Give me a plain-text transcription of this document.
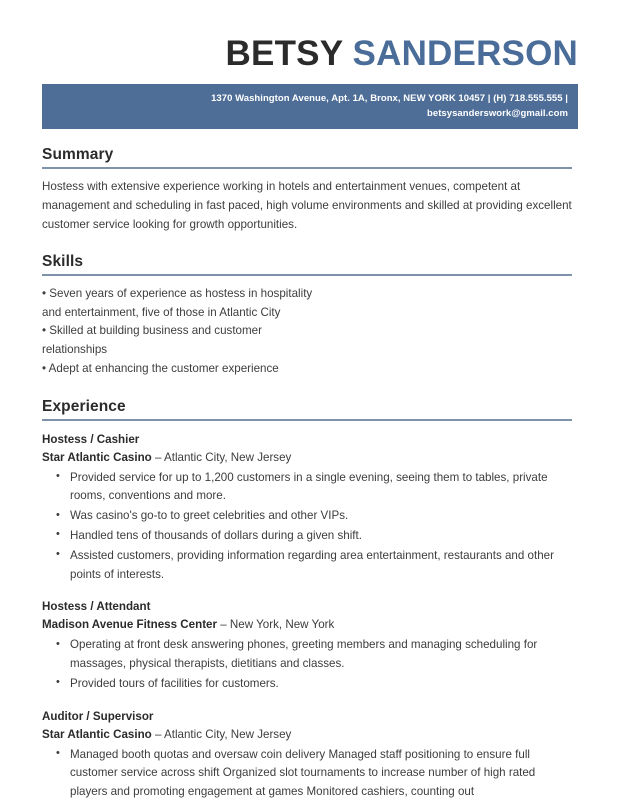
BETSY SANDERSON
1370 Washington Avenue, Apt. 1A, Bronx, NEW YORK 10457 | (H) 718.555.555 |
betsysanderswork@gmail.com
Summary
Hostess with extensive experience working in hotels and entertainment venues, competent at management and scheduling in fast paced, high volume environments and skilled at providing excellent customer service looking for growth opportunities.
Skills
• Seven years of experience as hostess in hospitality and entertainment, five of those in Atlantic City
• Skilled at building business and customer relationships
• Adept at enhancing the customer experience
Experience
Hostess / Cashier
Star Atlantic Casino – Atlantic City, New Jersey
• Provided service for up to 1,200 customers in a single evening, seeing them to tables, private rooms, conventions and more.
• Was casino's go-to to greet celebrities and other VIPs.
• Handled tens of thousands of dollars during a given shift.
• Assisted customers, providing information regarding area entertainment, restaurants and other points of interests.
Hostess / Attendant
Madison Avenue Fitness Center – New York, New York
• Operating at front desk answering phones, greeting members and managing scheduling for massages, physical therapists, dietitians and classes.
• Provided tours of facilities for customers.
Auditor / Supervisor
Star Atlantic Casino – Atlantic City, New Jersey
• Managed booth quotas and oversaw coin delivery Managed staff positioning to ensure full customer service across shift Organized slot tournaments to increase number of high rated players and promoting engagement at games Monitored cashiers, counting out
